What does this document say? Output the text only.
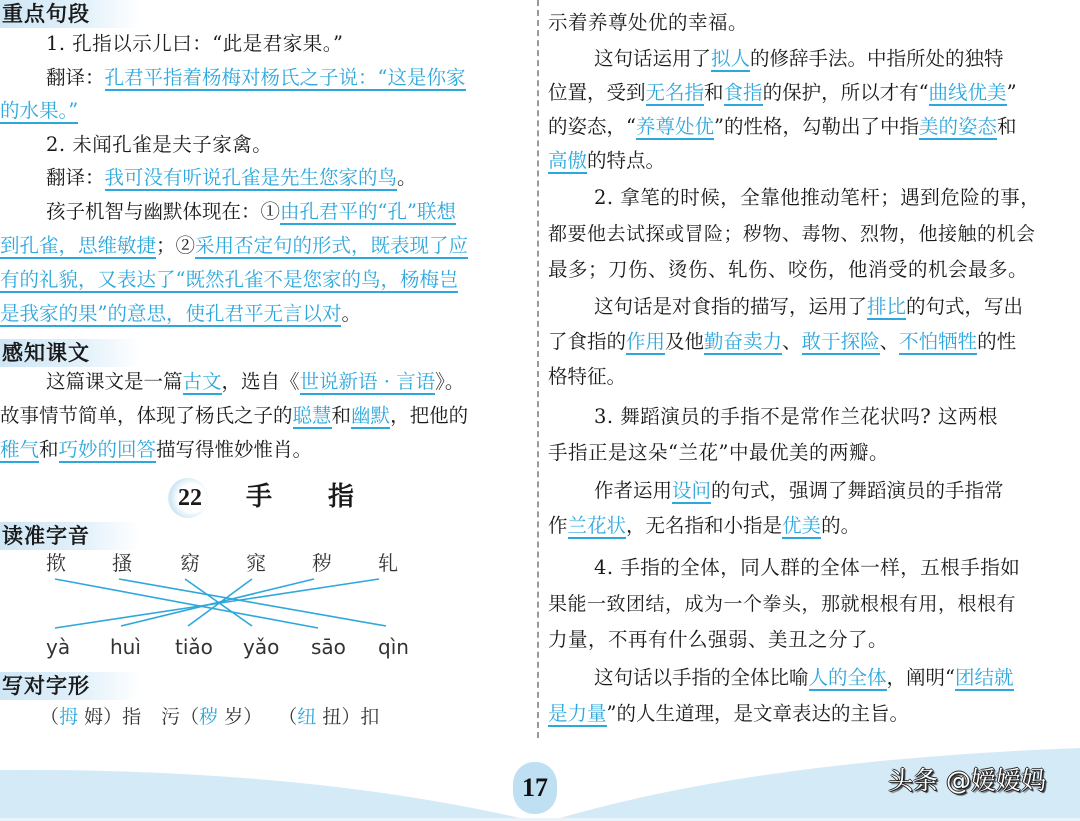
重点句段
1. 孔指以示儿曰：“此是君家果。”
翻译：孔君平指着杨梅对杨氏之子说：“这是你家
的水果。”
2. 未闻孔雀是夫子家禽。
翻译：我可没有听说孔雀是先生您家的鸟。
孩子机智与幽默体现在：①由孔君平的“孔”联想
到孔雀，思维敏捷；②采用否定句的形式，既表现了应
有的礼貌，又表达了“既然孔雀不是您家的鸟，杨梅岂
是我家的果”的意思，使孔君平无言以对。
感知课文
这篇课文是一篇古文，选自《世说新语 · 言语》。
故事情节简单，体现了杨氏之子的聪慧和幽默，把他的
稚气和巧妙的回答描写得惟妙惟肖。
22 手 指
读准字音
揿 搔 窈 窕 秽 轧
yà huì tiǎo yǎo sāo qìn
写对字形
（拇 姆）指 污（秽 岁） （纽 扭）扣
示着养尊处优的幸福。
这句话运用了拟人的修辞手法。中指所处的独特
位置，受到无名指和食指的保护，所以才有“曲线优美”
的姿态，“养尊处优”的性格，勾勒出了中指美的姿态和
高傲的特点。
2. 拿笔的时候，全靠他推动笔杆；遇到危险的事，
都要他去试探或冒险；秽物、毒物、烈物，他接触的机会
最多；刀伤、烫伤、轧伤、咬伤，他消受的机会最多。
这句话是对食指的描写，运用了排比的句式，写出
了食指的作用及他勤奋卖力、敢于探险、不怕牺牲的性
格特征。
3. 舞蹈演员的手指不是常作兰花状吗? 这两根
手指正是这朵“兰花”中最优美的两瓣。
作者运用设问的句式，强调了舞蹈演员的手指常
作兰花状，无名指和小指是优美的。
4. 手指的全体，同人群的全体一样，五根手指如
果能一致团结，成为一个拳头，那就根根有用，根根有
力量，不再有什么强弱、美丑之分了。
这句话以手指的全体比喻人的全体，阐明“团结就
是力量”的人生道理，是文章表达的主旨。
17	头条 @嫒嫒妈
